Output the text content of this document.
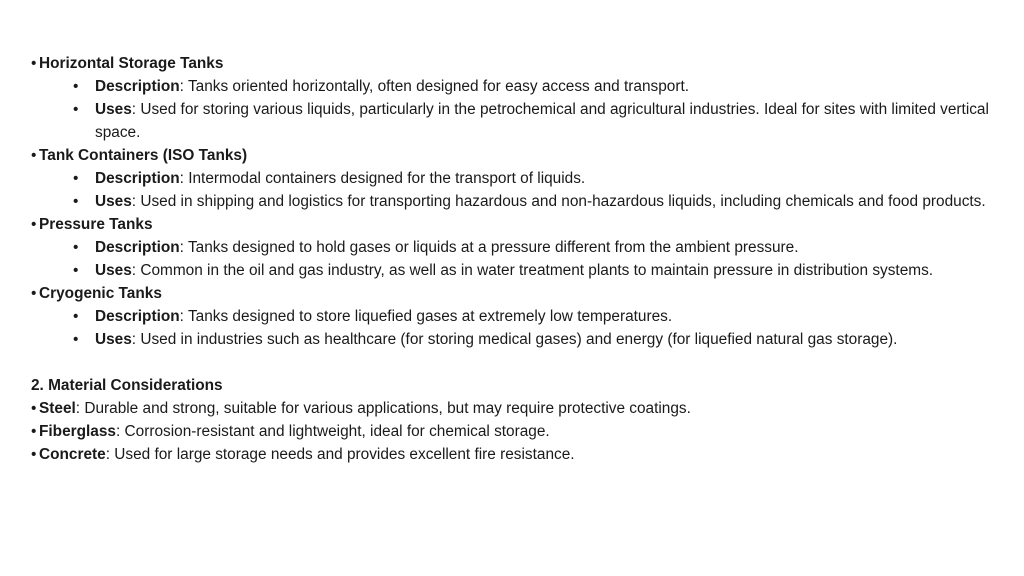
• Horizontal Storage Tanks
• Description: Tanks oriented horizontally, often designed for easy access and transport.
• Uses: Used for storing various liquids, particularly in the petrochemical and agricultural industries. Ideal for sites with limited vertical space.
• Tank Containers (ISO Tanks)
• Description: Intermodal containers designed for the transport of liquids.
• Uses: Used in shipping and logistics for transporting hazardous and non-hazardous liquids, including chemicals and food products.
• Pressure Tanks
• Description: Tanks designed to hold gases or liquids at a pressure different from the ambient pressure.
• Uses: Common in the oil and gas industry, as well as in water treatment plants to maintain pressure in distribution systems.
• Cryogenic Tanks
• Description: Tanks designed to store liquefied gases at extremely low temperatures.
• Uses: Used in industries such as healthcare (for storing medical gases) and energy (for liquefied natural gas storage).
2. Material Considerations
• Steel: Durable and strong, suitable for various applications, but may require protective coatings.
• Fiberglass: Corrosion-resistant and lightweight, ideal for chemical storage.
• Concrete: Used for large storage needs and provides excellent fire resistance.
